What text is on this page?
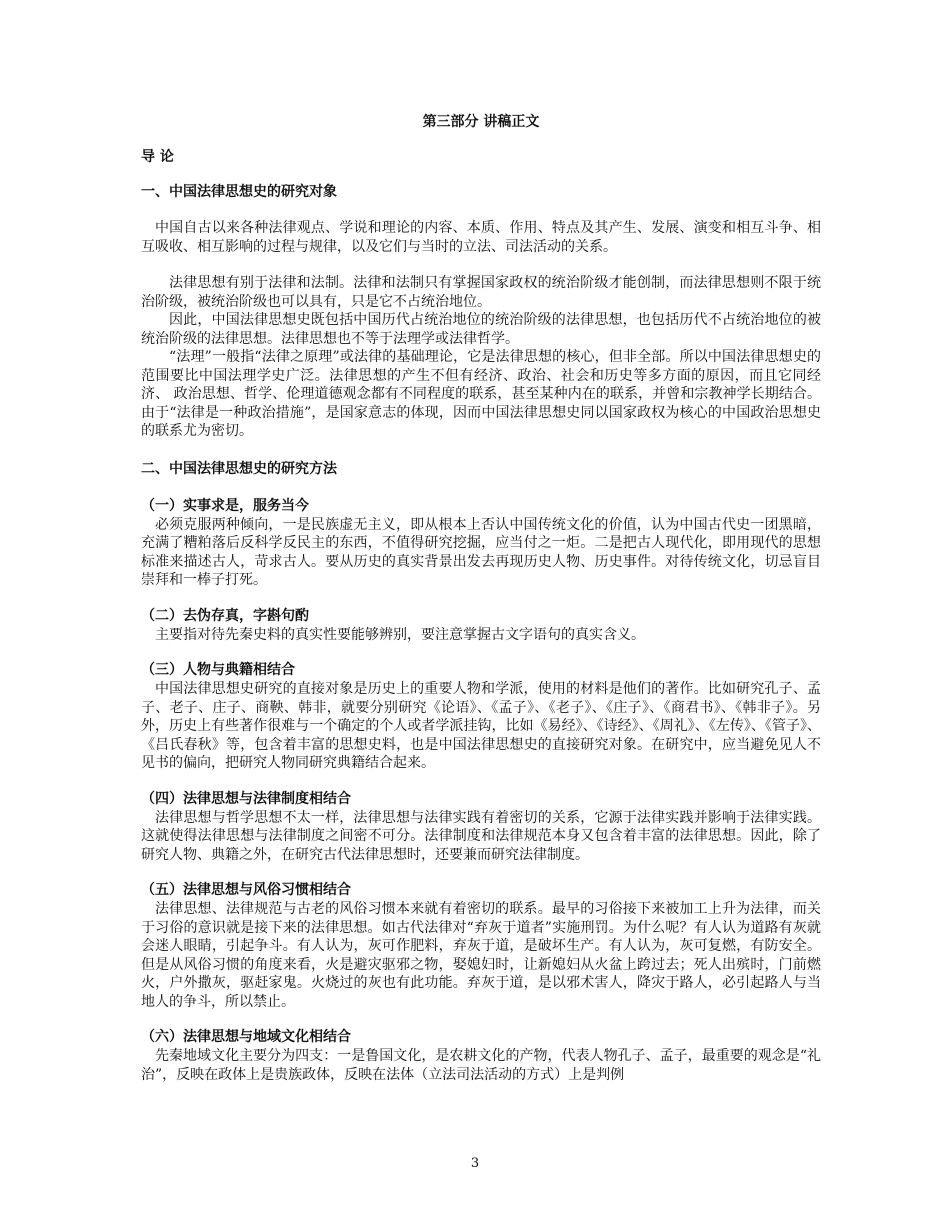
第三部分 讲稿正文
导 论
一、中国法律思想史的研究对象

中国自古以来各种法律观点、学说和理论的内容、本质、作用、特点及其产生、发展、演变和相互斗争、相互吸收、相互影响的过程与规律，以及它们与当时的立法、司法活动的关系。

法律思想有别于法律和法制。法律和法制只有掌握国家政权的统治阶级才能创制，而法律思想则不限于统治阶级，被统治阶级也可以具有，只是它不占统治地位。

因此，中国法律思想史既包括中国历代占统治地位的统治阶级的法律思想，也包括历代不占统治地位的被统治阶级的法律思想。法律思想也不等于法理学或法律哲学。

“法理”一般指“法律之原理”或法律的基础理论，它是法律思想的核心，但非全部。所以中国法律思想史的范围要比中国法理学史广泛。法律思想的产生不但有经济、政治、社会和历史等多方面的原因，而且它同经济、 政治思想、哲学、伦理道德观念都有不同程度的联系，甚至某种内在的联系，并曾和宗教神学长期结合。由于“法律是一种政治措施”，是国家意志的体现，因而中国法律思想史同以国家政权为核心的中国政治思想史的联系尤为密切。

二、中国法律思想史的研究方法
（一）实事求是，服务当今

必须克服两种倾向，一是民族虚无主义，即从根本上否认中国传统文化的价值，认为中国古代史一团黑暗，充满了糟粕落后反科学反民主的东西，不值得研究挖掘，应当付之一炬。二是把古人现代化，即用现代的思想标准来描述古人，苛求古人。要从历史的真实背景出发去再现历史人物、历史事件。对待传统文化，切忌盲目崇拜和一棒子打死。

（二）去伪存真，字斟句酌

主要指对待先秦史料的真实性要能够辨别，要注意掌握古文字语句的真实含义。

（三）人物与典籍相结合

中国法律思想史研究的直接对象是历史上的重要人物和学派，使用的材料是他们的著作。比如研究孔子、孟子、老子、庄子、商鞅、韩非，就要分别研究《论语》、《孟子》、《老子》、《庄子》、《商君书》、《韩非子》。另外，历史上有些著作很难与一个确定的个人或者学派挂钩，比如《易经》、《诗经》、《周礼》、《左传》、《管子》、《吕氏春秋》等，包含着丰富的思想史料，也是中国法律思想史的直接研究对象。在研究中，应当避免见人不见书的偏向，把研究人物同研究典籍结合起来。

（四）法律思想与法律制度相结合

法律思想与哲学思想不太一样，法律思想与法律实践有着密切的关系，它源于法律实践并影响于法律实践。这就使得法律思想与法律制度之间密不可分。法律制度和法律规范本身又包含着丰富的法律思想。因此，除了研究人物、典籍之外，在研究古代法律思想时，还要兼而研究法律制度。

（五）法律思想与风俗习惯相结合

法律思想、法律规范与古老的风俗习惯本来就有着密切的联系。最早的习俗接下来被加工上升为法律，而关于习俗的意识就是接下来的法律思想。如古代法律对“弃灰于道者”实施刑罚。为什么呢？有人认为道路有灰就会迷人眼睛，引起争斗。有人认为，灰可作肥料，弃灰于道，是破坏生产。有人认为，灰可复燃，有防安全。但是从风俗习惯的角度来看，火是避灾驱邪之物，娶媳妇时，让新媳妇从火盆上跨过去；死人出殡时，门前燃火，户外撒灰，驱赶家鬼。火烧过的灰也有此功能。弃灰于道，是以邪术害人，降灾于路人，必引起路人与当地人的争斗，所以禁止。

（六）法律思想与地域文化相结合

先秦地域文化主要分为四支：一是鲁国文化，是农耕文化的产物，代表人物孔子、孟子，最重要的观念是“礼治”，反映在政体上是贵族政体，反映在法体（立法司法活动的方式）上是判例

3
